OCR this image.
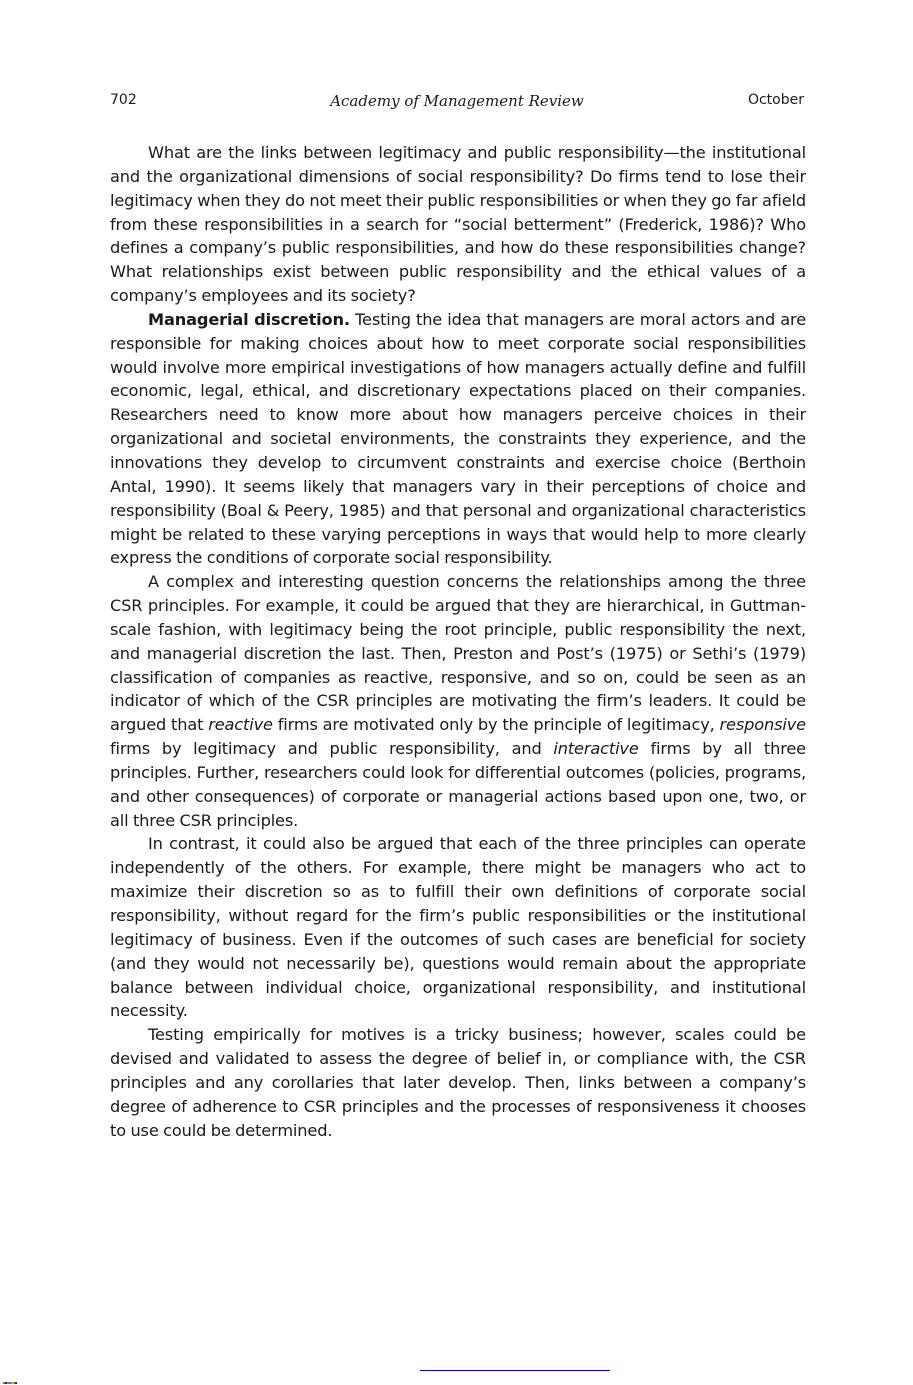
702	Academy of Management Review	October

What are the links between legitimacy and public responsibility—the institutional and the organizational dimensions of social responsibility? Do firms tend to lose their legitimacy when they do not meet their public responsibilities or when they go far afield from these responsibilities in a search for “social betterment” (Frederick, 1986)? Who defines a company’s public responsibilities, and how do these responsibilities change? What relationships exist between public responsibility and the ethical values of a company’s employees and its society?

Managerial discretion. Testing the idea that managers are moral actors and are responsible for making choices about how to meet corporate social responsibilities would involve more empirical investigations of how managers actually define and fulfill economic, legal, ethical, and discretionary expectations placed on their companies. Researchers need to know more about how managers perceive choices in their organizational and societal environments, the constraints they experience, and the innovations they develop to circumvent constraints and exercise choice (Berthoin Antal, 1990). It seems likely that managers vary in their perceptions of choice and responsibility (Boal & Peery, 1985) and that personal and organizational characteristics might be related to these varying perceptions in ways that would help to more clearly express the conditions of corporate social responsibility.

A complex and interesting question concerns the relationships among the three CSR principles. For example, it could be argued that they are hierarchical, in Guttman-scale fashion, with legitimacy being the root principle, public responsibility the next, and managerial discretion the last. Then, Preston and Post’s (1975) or Sethi’s (1979) classification of companies as reactive, responsive, and so on, could be seen as an indicator of which of the CSR principles are motivating the firm’s leaders. It could be argued that reactive firms are motivated only by the principle of legitimacy, responsive firms by legitimacy and public responsibility, and interactive firms by all three principles. Further, researchers could look for differential outcomes (policies, programs, and other consequences) of corporate or managerial actions based upon one, two, or all three CSR principles.

In contrast, it could also be argued that each of the three principles can operate independently of the others. For example, there might be managers who act to maximize their discretion so as to fulfill their own definitions of corporate social responsibility, without regard for the firm’s public responsibilities or the institutional legitimacy of business. Even if the outcomes of such cases are beneficial for society (and they would not necessarily be), questions would remain about the appropriate balance between individual choice, organizational responsibility, and institutional necessity.

Testing empirically for motives is a tricky business; however, scales could be devised and validated to assess the degree of belief in, or compliance with, the CSR principles and any corollaries that later develop. Then, links between a company’s degree of adherence to CSR principles and the processes of responsiveness it chooses to use could be determined.
